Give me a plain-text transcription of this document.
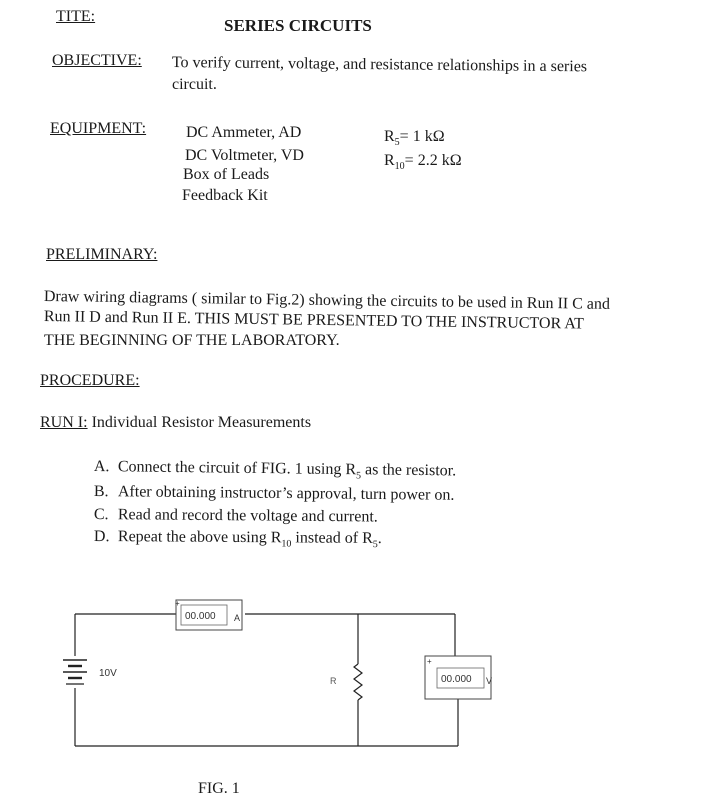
TITE:	SERIES CIRCUITS
OBJECTIVE: To verify current, voltage, and resistance relationships in a series
circuit.
EQUIPMENT: DC Ammeter, AD
DC Voltmeter, VD
Box of Leads
Feedback Kit
$R_5= 1$ kΩ
$R_{10}= 2.2$ kΩ
PRELIMINARY:
Draw wiring diagrams ( similar to Fig.2) showing the circuits to be used in Run II C and
Run II D and Run II E. THIS MUST BE PRESENTED TO THE INSTRUCTOR AT
THE BEGINNING OF THE LABORATORY.
PROCEDURE:
RUN I: Individual Resistor Measurements
A. Connect the circuit of FIG. 1 using $R_5$ as the resistor.
B. After obtaining instructor’s approval, turn power on.
C. Read and record the voltage and current.
D. Repeat the above using $R_{10}$ instead of $R_5$.
10V
+
00.000 A
R
+
00.000 V
FIG. 1
